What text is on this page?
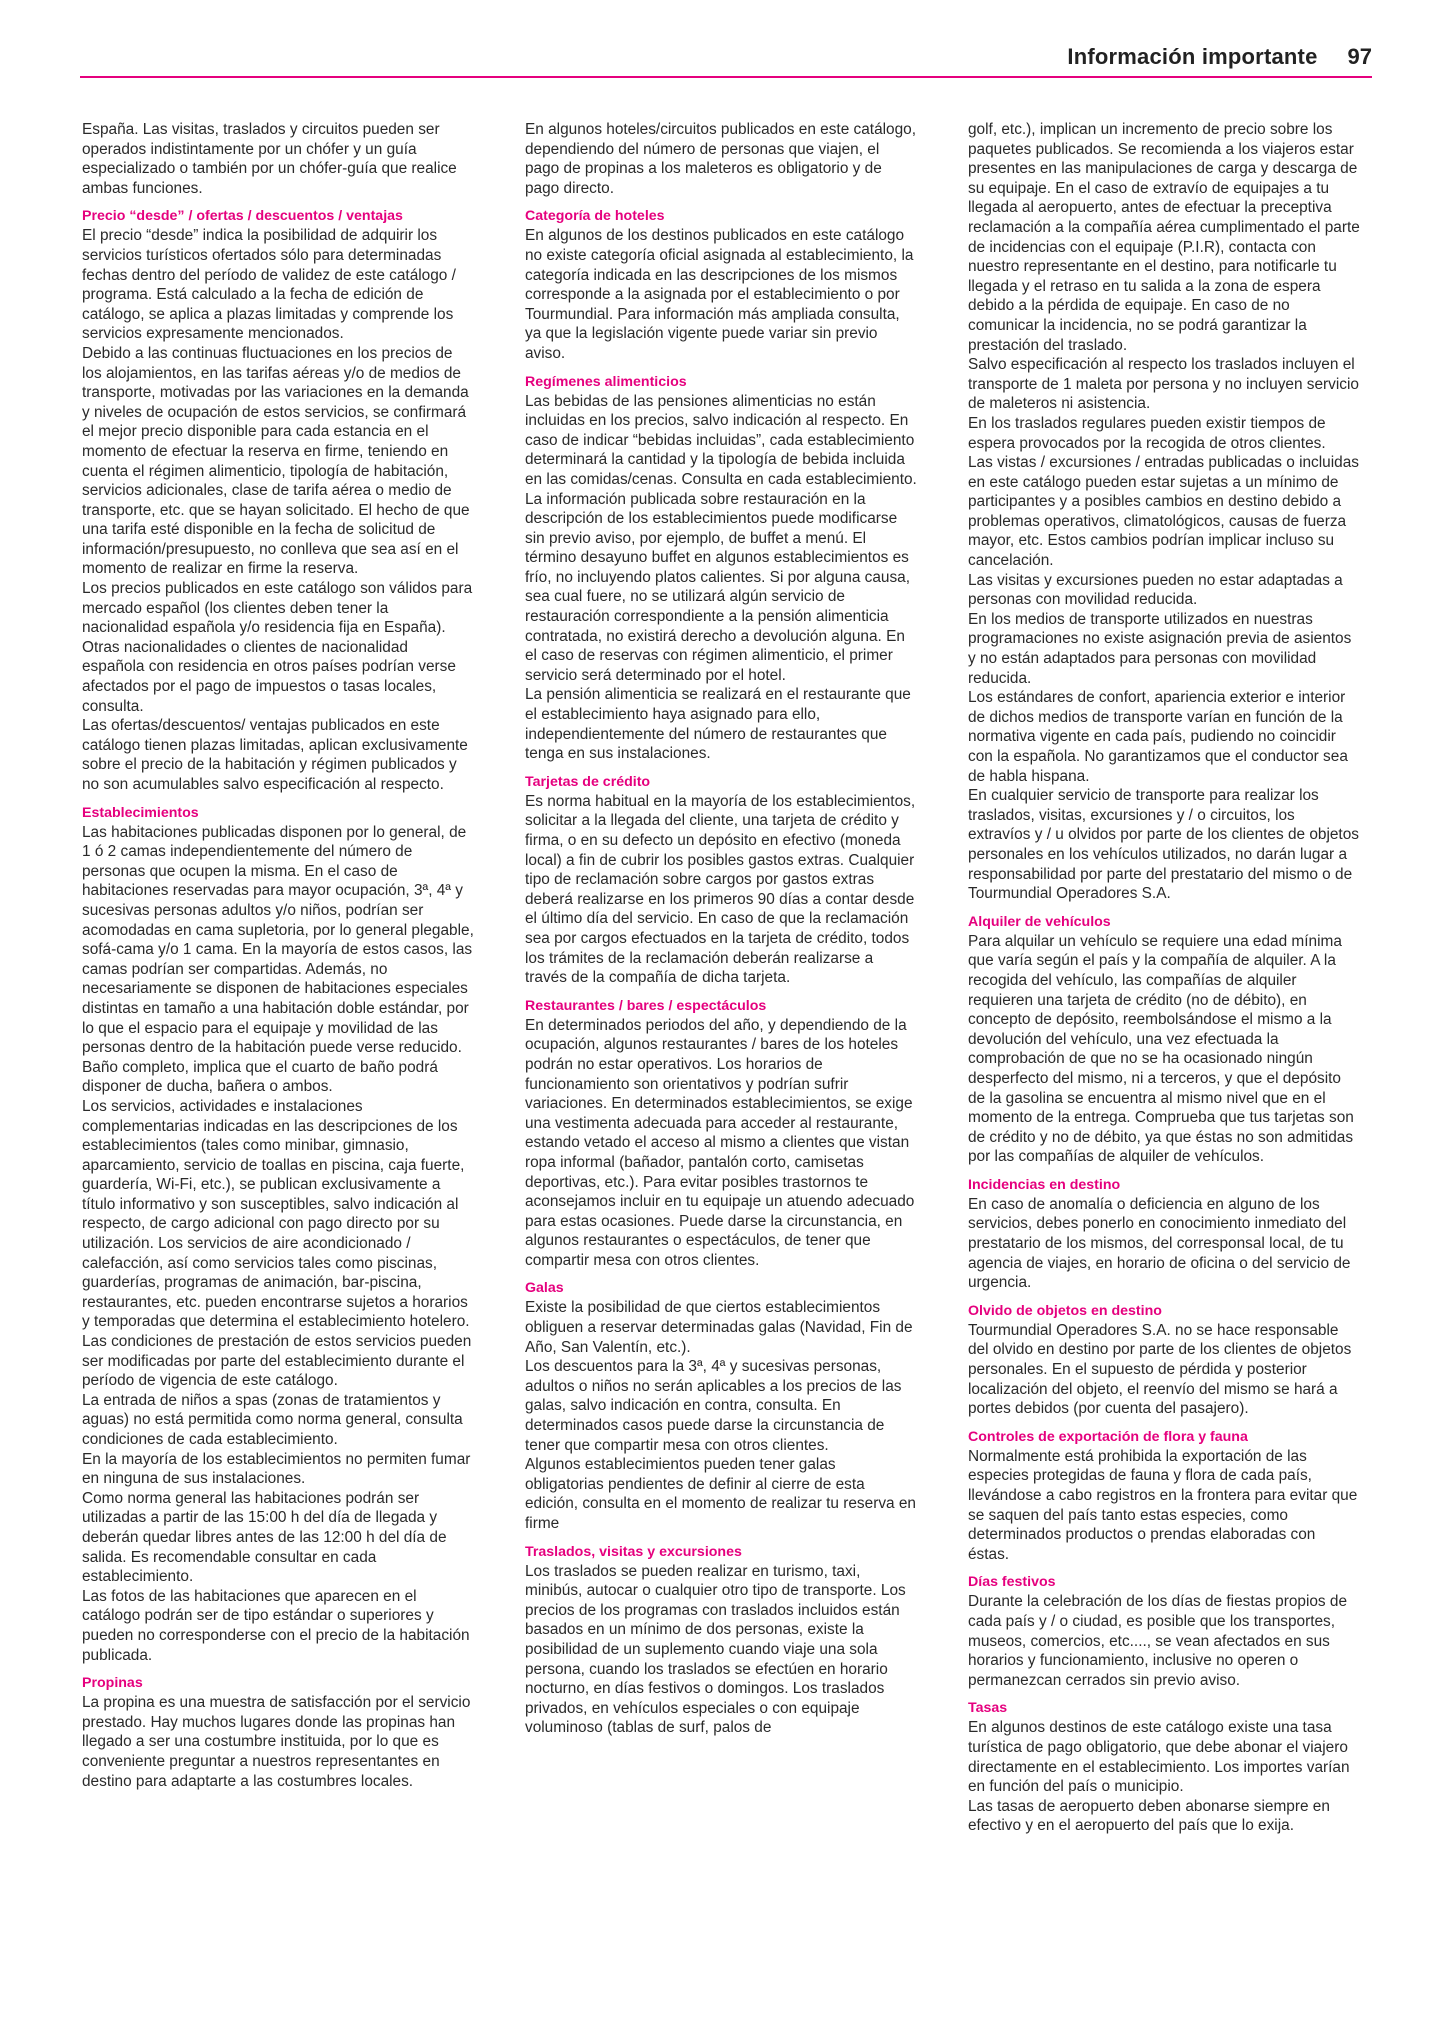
Información importante 97

España. Las visitas, traslados y circuitos pueden ser operados indistintamente por un chófer y un guía especializado o también por un chófer-guía que realice ambas funciones.

Precio “desde” / ofertas / descuentos / ventajas

El precio “desde” indica la posibilidad de adquirir los servicios turísticos ofertados sólo para determinadas fechas dentro del período de validez de este catálogo / programa. Está calculado a la fecha de edición de catálogo, se aplica a plazas limitadas y comprende los servicios expresamente mencionados.

Debido a las continuas fluctuaciones en los precios de los alojamientos, en las tarifas aéreas y/o de medios de transporte, motivadas por las variaciones en la demanda y niveles de ocupación de estos servicios, se confirmará el mejor precio disponible para cada estancia en el momento de efectuar la reserva en firme, teniendo en cuenta el régimen alimenticio, tipología de habitación, servicios adicionales, clase de tarifa aérea o medio de transporte, etc. que se hayan solicitado. El hecho de que una tarifa esté disponible en la fecha de solicitud de información/presupuesto, no conlleva que sea así en el momento de realizar en firme la reserva.

Los precios publicados en este catálogo son válidos para mercado español (los clientes deben tener la nacionalidad española y/o residencia fija en España). Otras nacionalidades o clientes de nacionalidad española con residencia en otros países podrían verse afectados por el pago de impuestos o tasas locales, consulta.

Las ofertas/descuentos/ ventajas publicados en este catálogo tienen plazas limitadas, aplican exclusivamente sobre el precio de la habitación y régimen publicados y no son acumulables salvo especificación al respecto.

Establecimientos

Las habitaciones publicadas disponen por lo general, de 1 ó 2 camas independientemente del número de personas que ocupen la misma. En el caso de habitaciones reservadas para mayor ocupación, 3ª, 4ª y sucesivas personas adultos y/o niños, podrían ser acomodadas en cama supletoria, por lo general plegable, sofá-cama y/o 1 cama. En la mayoría de estos casos, las camas podrían ser compartidas. Además, no necesariamente se disponen de habitaciones especiales distintas en tamaño a una habitación doble estándar, por lo que el espacio para el equipaje y movilidad de las personas dentro de la habitación puede verse reducido.

Baño completo, implica que el cuarto de baño podrá disponer de ducha, bañera o ambos.

Los servicios, actividades e instalaciones complementarias indicadas en las descripciones de los establecimientos (tales como minibar, gimnasio, aparcamiento, servicio de toallas en piscina, caja fuerte, guardería, Wi-Fi, etc.), se publican exclusivamente a título informativo y son susceptibles, salvo indicación al respecto, de cargo adicional con pago directo por su utilización. Los servicios de aire acondicionado / calefacción, así como servicios tales como piscinas, guarderías, programas de animación, bar-piscina, restaurantes, etc. pueden encontrarse sujetos a horarios y temporadas que determina el establecimiento hotelero. Las condiciones de prestación de estos servicios pueden ser modificadas por parte del establecimiento durante el período de vigencia de este catálogo.

La entrada de niños a spas (zonas de tratamientos y aguas) no está permitida como norma general, consulta condiciones de cada establecimiento.

En la mayoría de los establecimientos no permiten fumar en ninguna de sus instalaciones.

Como norma general las habitaciones podrán ser utilizadas a partir de las 15:00 h del día de llegada y deberán quedar libres antes de las 12:00 h del día de salida. Es recomendable consultar en cada establecimiento.

Las fotos de las habitaciones que aparecen en el catálogo podrán ser de tipo estándar o superiores y pueden no corresponderse con el precio de la habitación publicada.

Propinas

La propina es una muestra de satisfacción por el servicio prestado. Hay muchos lugares donde las propinas han llegado a ser una costumbre instituida, por lo que es conveniente preguntar a nuestros representantes en destino para adaptarte a las costumbres locales.

En algunos hoteles/circuitos publicados en este catálogo, dependiendo del número de personas que viajen, el pago de propinas a los maleteros es obligatorio y de pago directo.

Categoría de hoteles

En algunos de los destinos publicados en este catálogo no existe categoría oficial asignada al establecimiento, la categoría indicada en las descripciones de los mismos corresponde a la asignada por el establecimiento o por Tourmundial. Para información más ampliada consulta, ya que la legislación vigente puede variar sin previo aviso.

Regímenes alimenticios

Las bebidas de las pensiones alimenticias no están incluidas en los precios, salvo indicación al respecto. En caso de indicar “bebidas incluidas”, cada establecimiento determinará la cantidad y la tipología de bebida incluida en las comidas/cenas. Consulta en cada establecimiento.

La información publicada sobre restauración en la descripción de los establecimientos puede modificarse sin previo aviso, por ejemplo, de buffet a menú. El término desayuno buffet en algunos establecimientos es frío, no incluyendo platos calientes. Si por alguna causa, sea cual fuere, no se utilizará algún servicio de restauración correspondiente a la pensión alimenticia contratada, no existirá derecho a devolución alguna. En el caso de reservas con régimen alimenticio, el primer servicio será determinado por el hotel.

La pensión alimenticia se realizará en el restaurante que el establecimiento haya asignado para ello, independientemente del número de restaurantes que tenga en sus instalaciones.

Tarjetas de crédito

Es norma habitual en la mayoría de los establecimientos, solicitar a la llegada del cliente, una tarjeta de crédito y firma, o en su defecto un depósito en efectivo (moneda local) a fin de cubrir los posibles gastos extras. Cualquier tipo de reclamación sobre cargos por gastos extras deberá realizarse en los primeros 90 días a contar desde el último día del servicio. En caso de que la reclamación sea por cargos efectuados en la tarjeta de crédito, todos los trámites de la reclamación deberán realizarse a través de la compañía de dicha tarjeta.

Restaurantes / bares / espectáculos

En determinados periodos del año, y dependiendo de la ocupación, algunos restaurantes / bares de los hoteles podrán no estar operativos. Los horarios de funcionamiento son orientativos y podrían sufrir variaciones. En determinados establecimientos, se exige una vestimenta adecuada para acceder al restaurante, estando vetado el acceso al mismo a clientes que vistan ropa informal (bañador, pantalón corto, camisetas deportivas, etc.). Para evitar posibles trastornos te aconsejamos incluir en tu equipaje un atuendo adecuado para estas ocasiones. Puede darse la circunstancia, en algunos restaurantes o espectáculos, de tener que compartir mesa con otros clientes.

Galas

Existe la posibilidad de que ciertos establecimientos obliguen a reservar determinadas galas (Navidad, Fin de Año, San Valentín, etc.).

Los descuentos para la 3ª, 4ª y sucesivas personas, adultos o niños no serán aplicables a los precios de las galas, salvo indicación en contra, consulta. En determinados casos puede darse la circunstancia de tener que compartir mesa con otros clientes.

Algunos establecimientos pueden tener galas obligatorias pendientes de definir al cierre de esta edición, consulta en el momento de realizar tu reserva en firme

Traslados, visitas y excursiones

Los traslados se pueden realizar en turismo, taxi, minibús, autocar o cualquier otro tipo de transporte. Los precios de los programas con traslados incluidos están basados en un mínimo de dos personas, existe la posibilidad de un suplemento cuando viaje una sola persona, cuando los traslados se efectúen en horario nocturno, en días festivos o domingos. Los traslados privados, en vehículos especiales o con equipaje voluminoso (tablas de surf, palos de

golf, etc.), implican un incremento de precio sobre los paquetes publicados. Se recomienda a los viajeros estar presentes en las manipulaciones de carga y descarga de su equipaje. En el caso de extravío de equipajes a tu llegada al aeropuerto, antes de efectuar la preceptiva reclamación a la compañía aérea cumplimentado el parte de incidencias con el equipaje (P.I.R), contacta con nuestro representante en el destino, para notificarle tu llegada y el retraso en tu salida a la zona de espera debido a la pérdida de equipaje. En caso de no comunicar la incidencia, no se podrá garantizar la prestación del traslado.

Salvo especificación al respecto los traslados incluyen el transporte de 1 maleta por persona y no incluyen servicio de maleteros ni asistencia.

En los traslados regulares pueden existir tiempos de espera provocados por la recogida de otros clientes.

Las vistas / excursiones / entradas publicadas o incluidas en este catálogo pueden estar sujetas a un mínimo de participantes y a posibles cambios en destino debido a problemas operativos, climatológicos, causas de fuerza mayor, etc. Estos cambios podrían implicar incluso su cancelación.

Las visitas y excursiones pueden no estar adaptadas a personas con movilidad reducida.

En los medios de transporte utilizados en nuestras programaciones no existe asignación previa de asientos y no están adaptados para personas con movilidad reducida.

Los estándares de confort, apariencia exterior e interior de dichos medios de transporte varían en función de la normativa vigente en cada país, pudiendo no coincidir con la española. No garantizamos que el conductor sea de habla hispana.

En cualquier servicio de transporte para realizar los traslados, visitas, excursiones y / o circuitos, los extravíos y / u olvidos por parte de los clientes de objetos personales en los vehículos utilizados, no darán lugar a responsabilidad por parte del prestatario del mismo o de Tourmundial Operadores S.A.

Alquiler de vehículos

Para alquilar un vehículo se requiere una edad mínima que varía según el país y la compañía de alquiler. A la recogida del vehículo, las compañías de alquiler requieren una tarjeta de crédito (no de débito), en concepto de depósito, reembolsándose el mismo a la devolución del vehículo, una vez efectuada la comprobación de que no se ha ocasionado ningún desperfecto del mismo, ni a terceros, y que el depósito de la gasolina se encuentra al mismo nivel que en el momento de la entrega. Comprueba que tus tarjetas son de crédito y no de débito, ya que éstas no son admitidas por las compañías de alquiler de vehículos.

Incidencias en destino

En caso de anomalía o deficiencia en alguno de los servicios, debes ponerlo en conocimiento inmediato del prestatario de los mismos, del corresponsal local, de tu agencia de viajes, en horario de oficina o del servicio de urgencia.

Olvido de objetos en destino

Tourmundial Operadores S.A. no se hace responsable del olvido en destino por parte de los clientes de objetos personales. En el supuesto de pérdida y posterior localización del objeto, el reenvío del mismo se hará a portes debidos (por cuenta del pasajero).

Controles de exportación de flora y fauna

Normalmente está prohibida la exportación de las especies protegidas de fauna y flora de cada país, llevándose a cabo registros en la frontera para evitar que se saquen del país tanto estas especies, como determinados productos o prendas elaboradas con éstas.

Días festivos

Durante la celebración de los días de fiestas propios de cada país y / o ciudad, es posible que los transportes, museos, comercios, etc...., se vean afectados en sus horarios y funcionamiento, inclusive no operen o permanezcan cerrados sin previo aviso.

Tasas

En algunos destinos de este catálogo existe una tasa turística de pago obligatorio, que debe abonar el viajero directamente en el establecimiento. Los importes varían en función del país o municipio.

Las tasas de aeropuerto deben abonarse siempre en efectivo y en el aeropuerto del país que lo exija.
